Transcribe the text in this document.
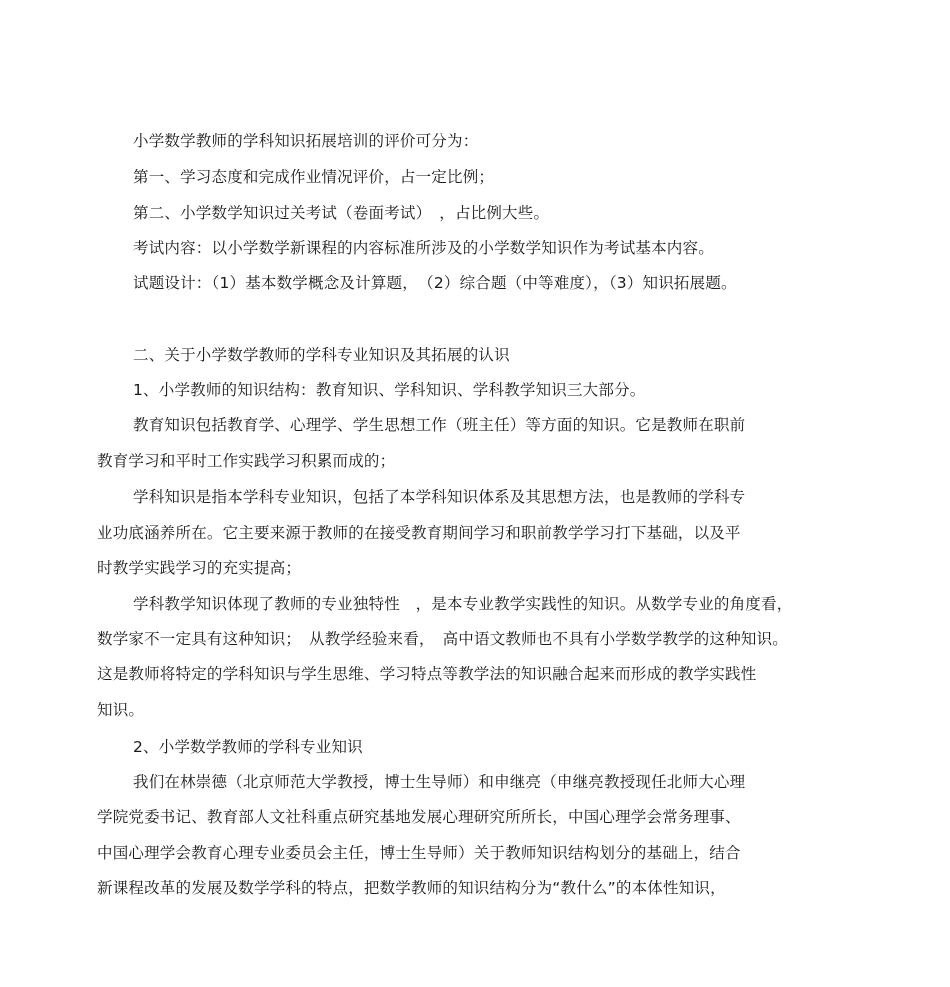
小学数学教师的学科知识拓展培训的评价可分为：
第一、学习态度和完成作业情况评价，占一定比例；
第二、小学数学知识过关考试（卷面考试）　，占比例大些。
考试内容：以小学数学新课程的内容标准所涉及的小学数学知识作为考试基本内容。
试题设计：（1）基本数学概念及计算题，　（2）综合题（中等难度），（3）知识拓展题。
二、关于小学数学教师的学科专业知识及其拓展的认识
1、小学教师的知识结构：教育知识、学科知识、学科教学知识三大部分。
教育知识包括教育学、心理学、学生思想工作（班主任）等方面的知识。它是教师在职前
教育学习和平时工作实践学习积累而成的；
学科知识是指本学科专业知识，包括了本学科知识体系及其思想方法，也是教师的学科专
业功底涵养所在。它主要来源于教师的在接受教育期间学习和职前教学学习打下基础，以及平
时教学实践学习的充实提高；
学科教学知识体现了教师的专业独特性　，是本专业教学实践性的知识。从数学专业的角度看，
数学家不一定具有这种知识；　从教学经验来看，　高中语文教师也不具有小学数学教学的这种知识。
这是教师将特定的学科知识与学生思维、学习特点等教学法的知识融合起来而形成的教学实践性
知识。
2、小学数学教师的学科专业知识
我们在林崇德（北京师范大学教授，博士生导师）和申继亮（申继亮教授现任北师大心理
学院党委书记、教育部人文社科重点研究基地发展心理研究所所长，中国心理学会常务理事、
中国心理学会教育心理专业委员会主任，博士生导师）关于教师知识结构划分的基础上，结合
新课程改革的发展及数学学科的特点，把数学教师的知识结构分为“教什么”的本体性知识，
